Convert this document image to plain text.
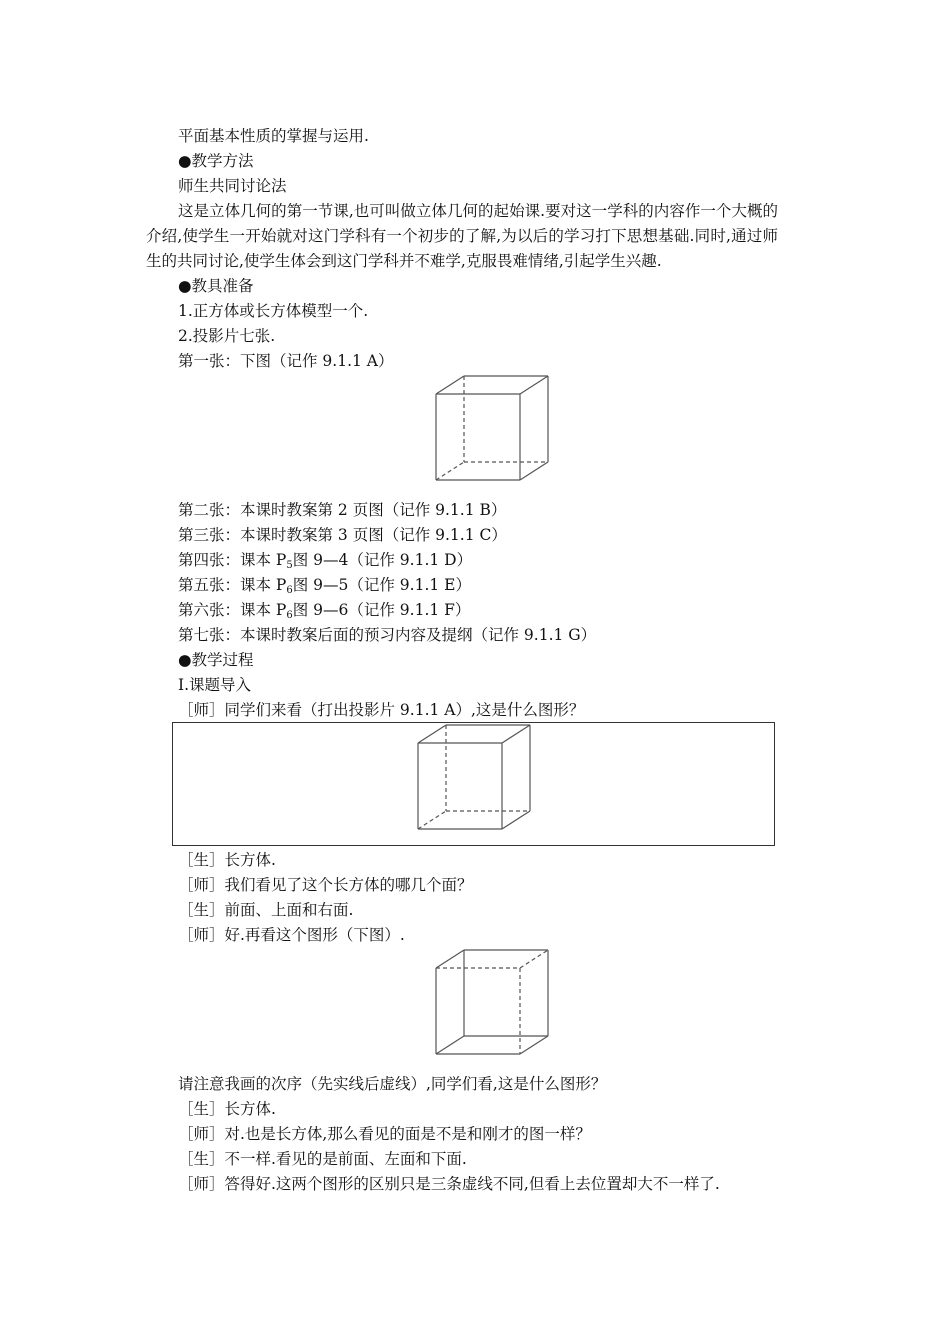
平面基本性质的掌握与运用.
●教学方法
师生共同讨论法
这是立体几何的第一节课,也可叫做立体几何的起始课.要对这一学科的内容作一个大概的介绍,使学生一开始就对这门学科有一个初步的了解,为以后的学习打下思想基础.同时,通过师生的共同讨论,使学生体会到这门学科并不难学,克服畏难情绪,引起学生兴趣.
●教具准备
1.正方体或长方体模型一个.
2.投影片七张.
第一张：下图（记作 9.1.1 A）
第二张：本课时教案第 2 页图（记作 9.1.1 B）
第三张：本课时教案第 3 页图（记作 9.1.1 C）
第四张：课本 $P_5$图 9—4（记作 9.1.1 D）
第五张：课本 $P_6$图 9—5（记作 9.1.1 E）
第六张：课本 $P_6$图 9—6（记作 9.1.1 F）
第七张：本课时教案后面的预习内容及提纲（记作 9.1.1 G）
●教学过程
Ⅰ.课题导入
［师］同学们来看（打出投影片 9.1.1 A）,这是什么图形？
［生］长方体.
［师］我们看见了这个长方体的哪几个面？
［生］前面、上面和右面.
［师］好.再看这个图形（下图）.
请注意我画的次序（先实线后虚线）,同学们看,这是什么图形？
［生］长方体.
［师］对.也是长方体,那么看见的面是不是和刚才的图一样？
［生］不一样.看见的是前面、左面和下面.
［师］答得好.这两个图形的区别只是三条虚线不同,但看上去位置却大不一样了.
